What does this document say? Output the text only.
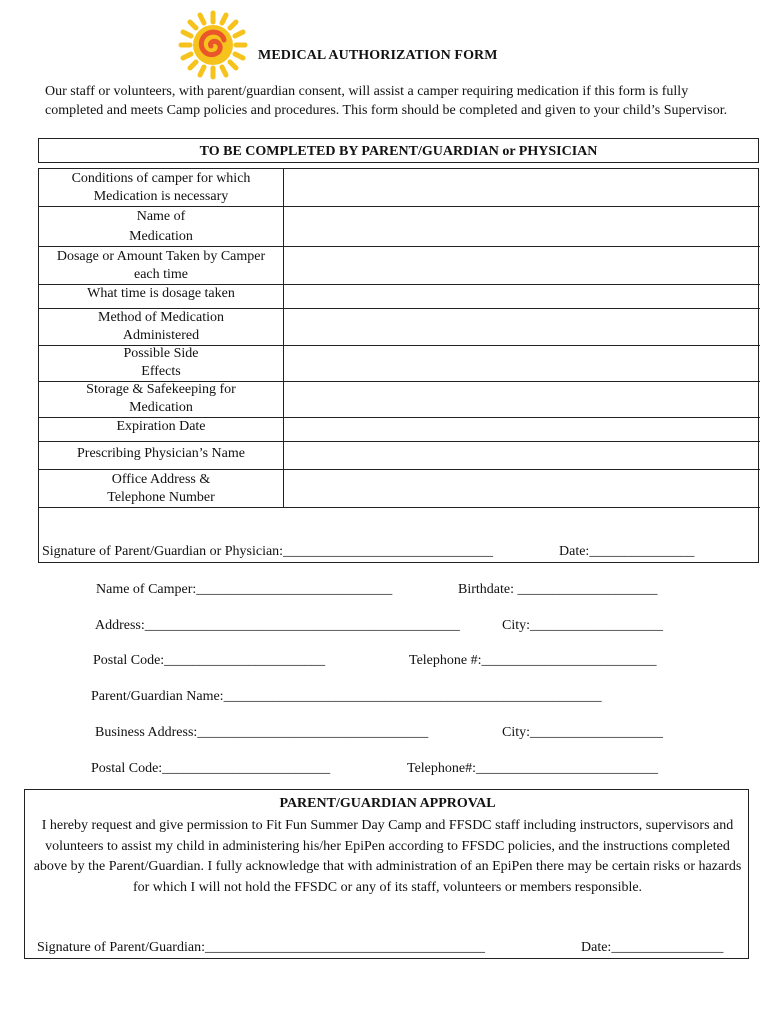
MEDICAL AUTHORIZATION FORM
Our staff or volunteers, with parent/guardian consent, will assist a camper requiring medication if this form is fully completed and meets Camp policies and procedures. This form should be completed and given to your child’s Supervisor.
TO BE COMPLETED BY PARENT/GUARDIAN or PHYSICIAN
Conditions of camper for which
Medication is necessary
Name of
Medication
Dosage or Amount Taken by Camper
each time
What time is dosage taken
Method of Medication
Administered
Possible Side
Effects
Storage & Safekeeping for
Medication
Expiration Date
Prescribing Physician’s Name
Office Address &
Telephone Number
Signature of Parent/Guardian or Physician:______________________________	Date:_______________
Name of Camper:____________________________	Birthdate: ____________________
Address:_____________________________________________	City:___________________
Postal Code:_______________________	Telephone #:_________________________
Parent/Guardian Name:______________________________________________________
Business Address:_________________________________	City:___________________
Postal Code:________________________	Telephone#:__________________________
PARENT/GUARDIAN APPROVAL
I hereby request and give permission to Fit Fun Summer Day Camp and FFSDC staff including instructors, supervisors and volunteers to assist my child in administering his/her EpiPen according to FFSDC policies, and the instructions completed above by the Parent/Guardian. I fully acknowledge that with administration of an EpiPen there may be certain risks or hazards for which I will not hold the FFSDC or any of its staff, volunteers or members responsible.
Signature of Parent/Guardian:________________________________________	Date:________________
